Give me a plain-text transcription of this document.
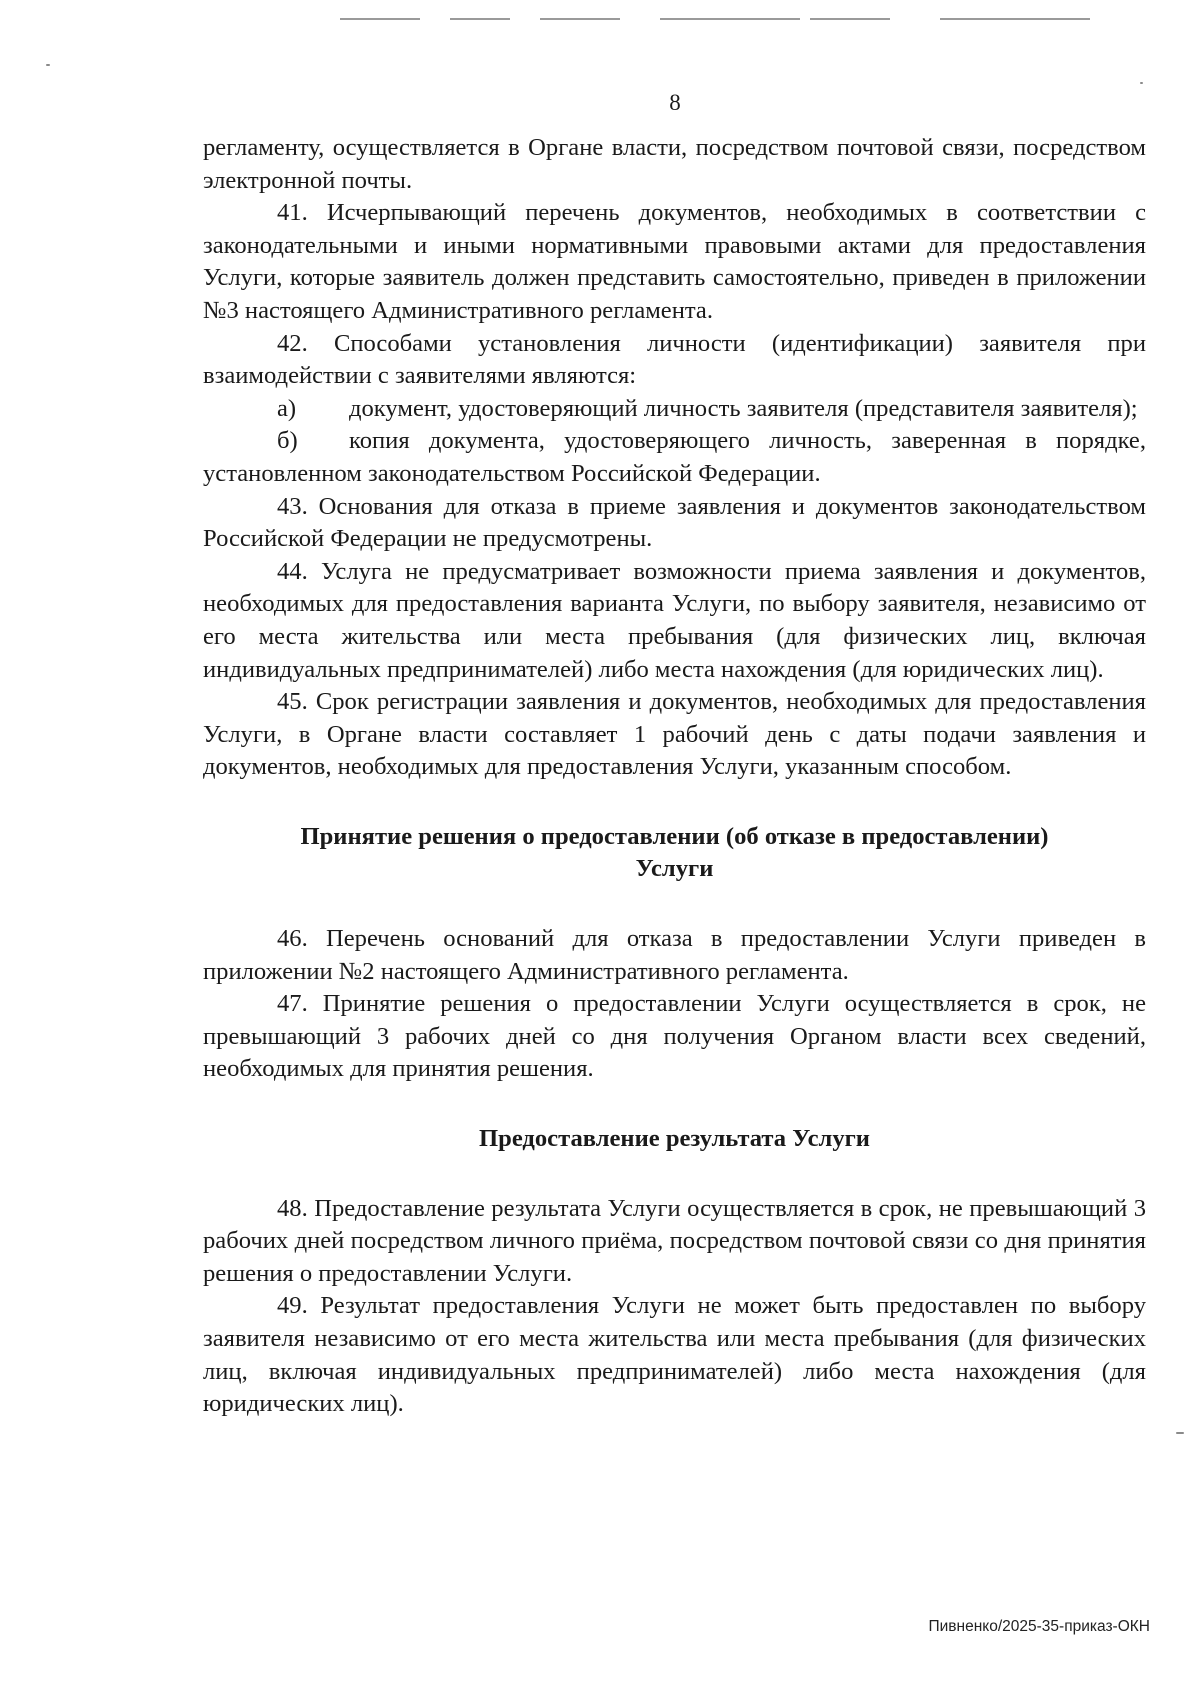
8

регламенту, осуществляется в Органе власти, посредством почтовой связи, посредством электронной почты.

41. Исчерпывающий перечень документов, необходимых в соответствии с законодательными и иными нормативными правовыми актами для предоставления Услуги, которые заявитель должен представить самостоятельно, приведен в приложении №3 настоящего Административного регламента.

42. Способами установления личности (идентификации) заявителя при взаимодействии с заявителями являются:

а) документ, удостоверяющий личность заявителя (представителя заявителя);

б) копия документа, удостоверяющего личность, заверенная в порядке, установленном законодательством Российской Федерации.

43. Основания для отказа в приеме заявления и документов законодательством Российской Федерации не предусмотрены.

44. Услуга не предусматривает возможности приема заявления и документов, необходимых для предоставления варианта Услуги, по выбору заявителя, независимо от его места жительства или места пребывания (для физических лиц, включая индивидуальных предпринимателей) либо места нахождения (для юридических лиц).

45. Срок регистрации заявления и документов, необходимых для предоставления Услуги, в Органе власти составляет 1 рабочий день с даты подачи заявления и документов, необходимых для предоставления Услуги, указанным способом.

Принятие решения о предоставлении (об отказе в предоставлении)
Услуги

46. Перечень оснований для отказа в предоставлении Услуги приведен в приложении №2 настоящего Административного регламента.

47. Принятие решения о предоставлении Услуги осуществляется в срок, не превышающий 3 рабочих дней со дня получения Органом власти всех сведений, необходимых для принятия решения.

Предоставление результата Услуги

48. Предоставление результата Услуги осуществляется в срок, не превышающий 3 рабочих дней посредством личного приёма, посредством почтовой связи со дня принятия решения о предоставлении Услуги.

49. Результат предоставления Услуги не может быть предоставлен по выбору заявителя независимо от его места жительства или места пребывания (для физических лиц, включая индивидуальных предпринимателей) либо места нахождения (для юридических лиц).

Пивненко/2025-35-приказ-ОКН
